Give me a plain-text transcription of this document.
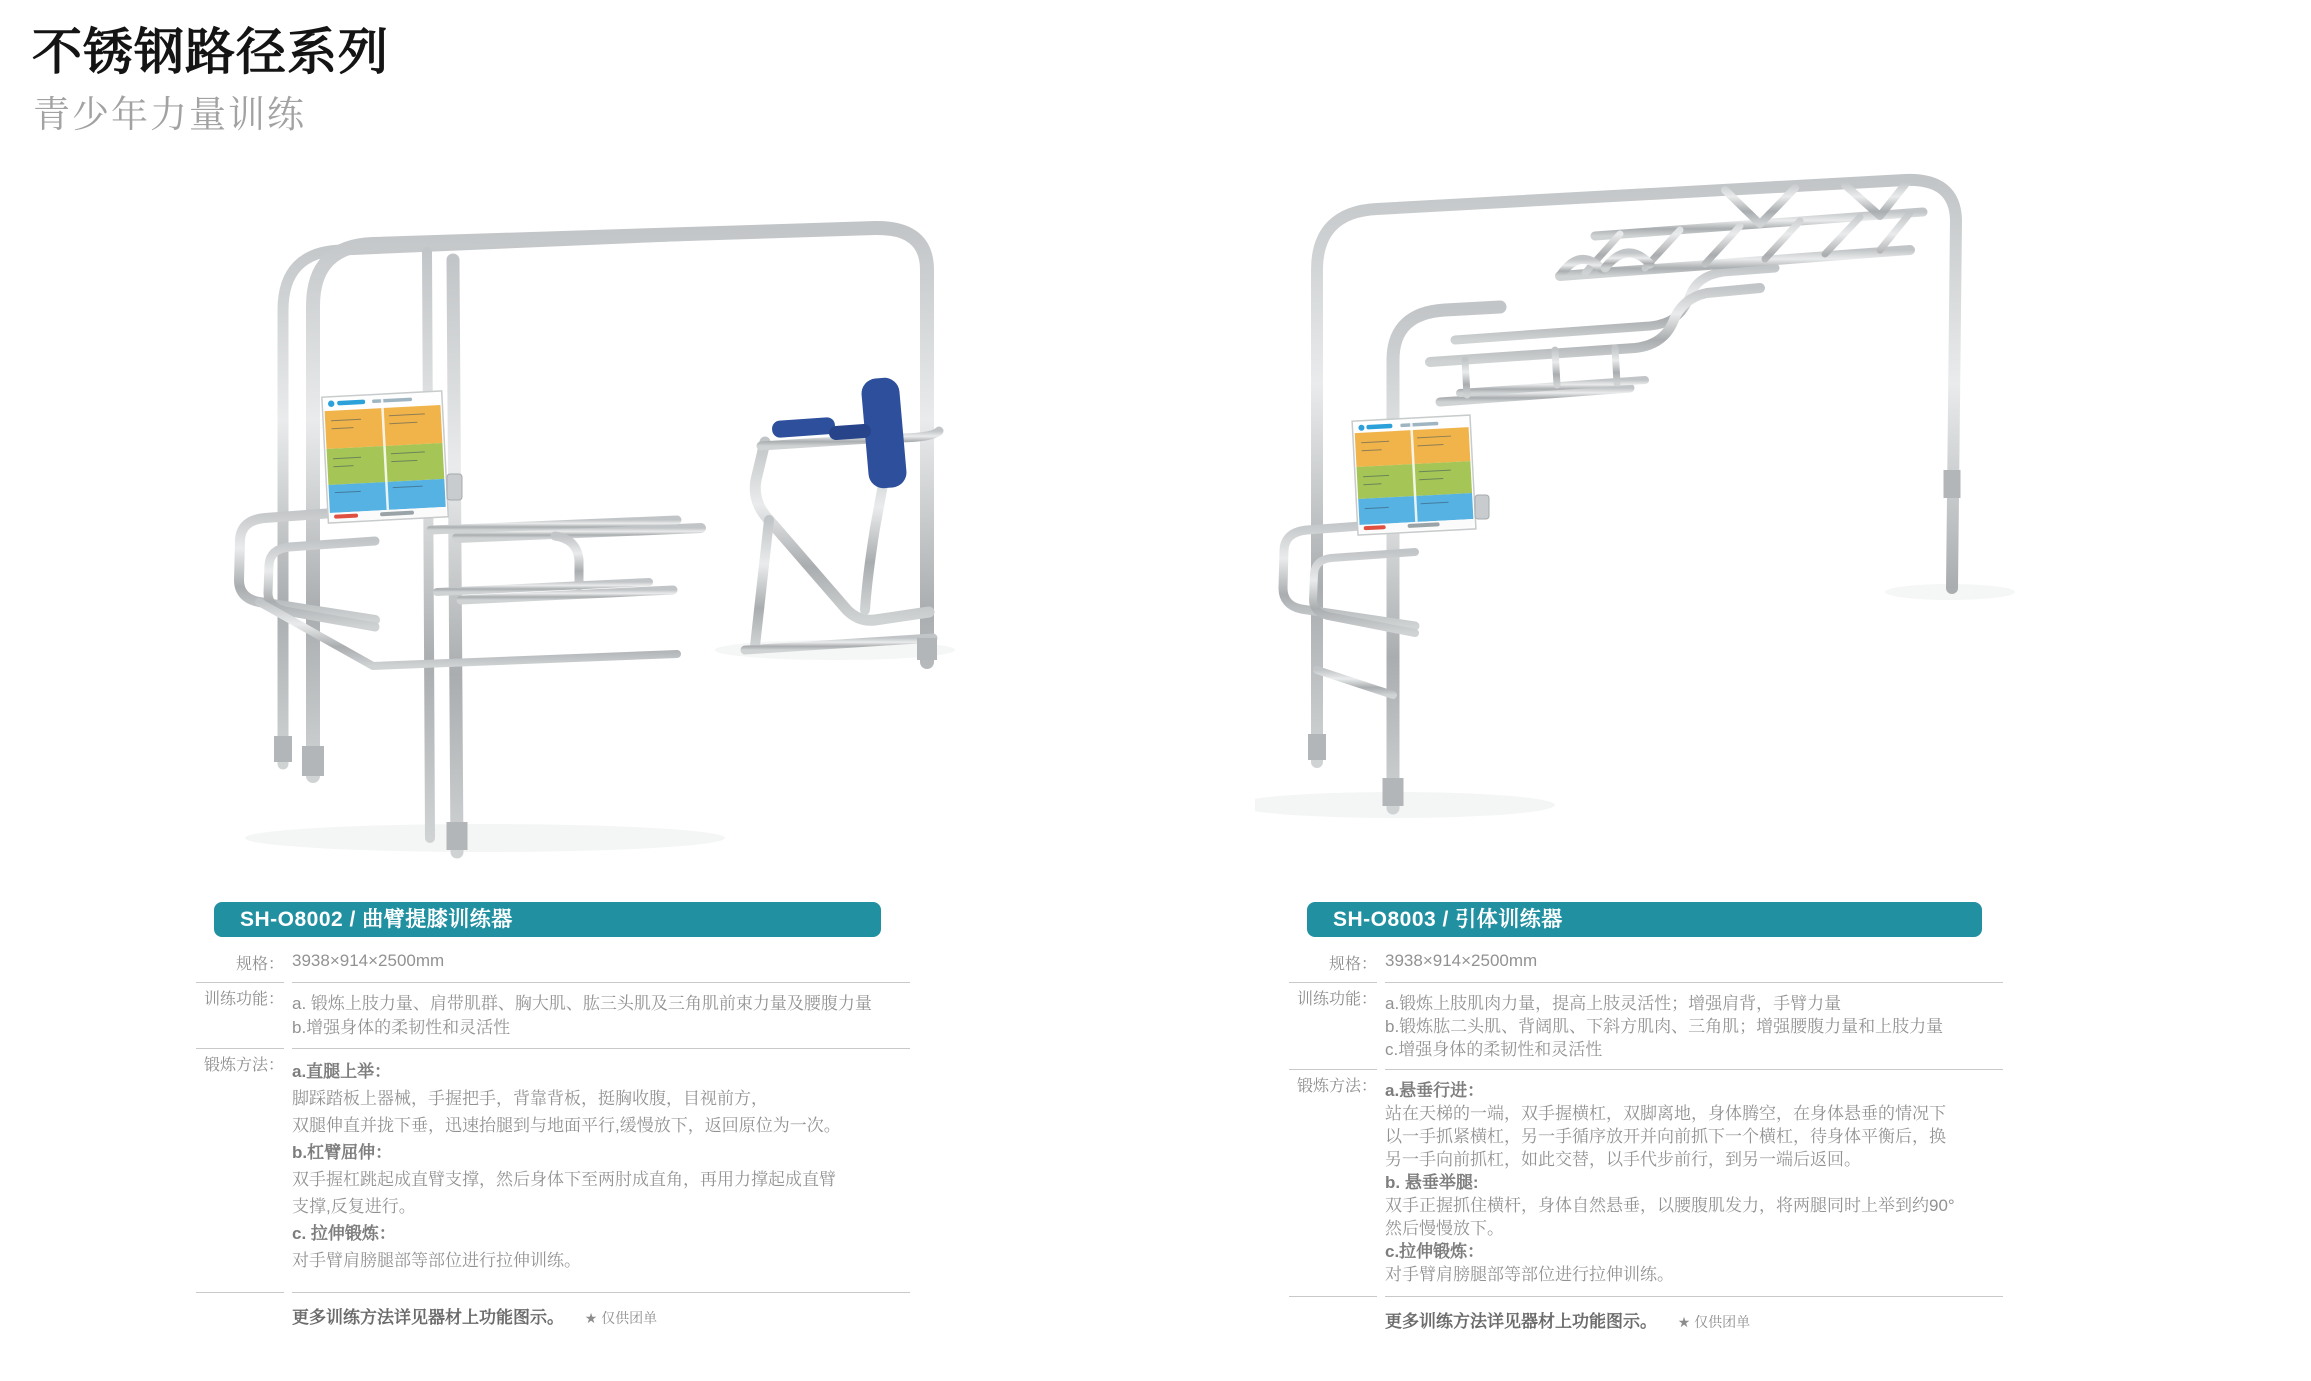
不锈钢路径系列
青少年力量训练
SH-O8002 / 曲臂提膝训练器
规格： 3938×914×2500mm
训练功能： a. 锻炼上肢力量、肩带肌群、胸大肌、肱三头肌及三角肌前束力量及腰腹力量
b.增强身体的柔韧性和灵活性
锻炼方法： a.直腿上举：
脚踩踏板上器械，手握把手，背靠背板，挺胸收腹，目视前方，
双腿伸直并拢下垂，迅速抬腿到与地面平行,缓慢放下，返回原位为一次。
b.杠臂屈伸：
双手握杠跳起成直臂支撑，然后身体下至两肘成直角，再用力撑起成直臂
支撑,反复进行。
c. 拉伸锻炼：
对手臂肩膀腿部等部位进行拉伸训练。
更多训练方法详见器材上功能图示。 ★ 仅供团单
SH-O8003 / 引体训练器
规格： 3938×914×2500mm
训练功能： a.锻炼上肢肌肉力量，提高上肢灵活性；增强肩背，手臂力量
b.锻炼肱二头肌、背阔肌、下斜方肌肉、三角肌；增强腰腹力量和上肢力量
c.增强身体的柔韧性和灵活性
锻炼方法： a.悬垂行进：
站在天梯的一端，双手握横杠，双脚离地，身体腾空，在身体悬垂的情况下
以一手抓紧横杠，另一手循序放开并向前抓下一个横杠，待身体平衡后，换
另一手向前抓杠，如此交替，以手代步前行，到另一端后返回。
b. 悬垂举腿:
双手正握抓住横杆，身体自然悬垂，以腰腹肌发力，将两腿同时上举到约90°
然后慢慢放下。
c.拉伸锻炼：
对手臂肩膀腿部等部位进行拉伸训练。
更多训练方法详见器材上功能图示。 ★ 仅供团单
